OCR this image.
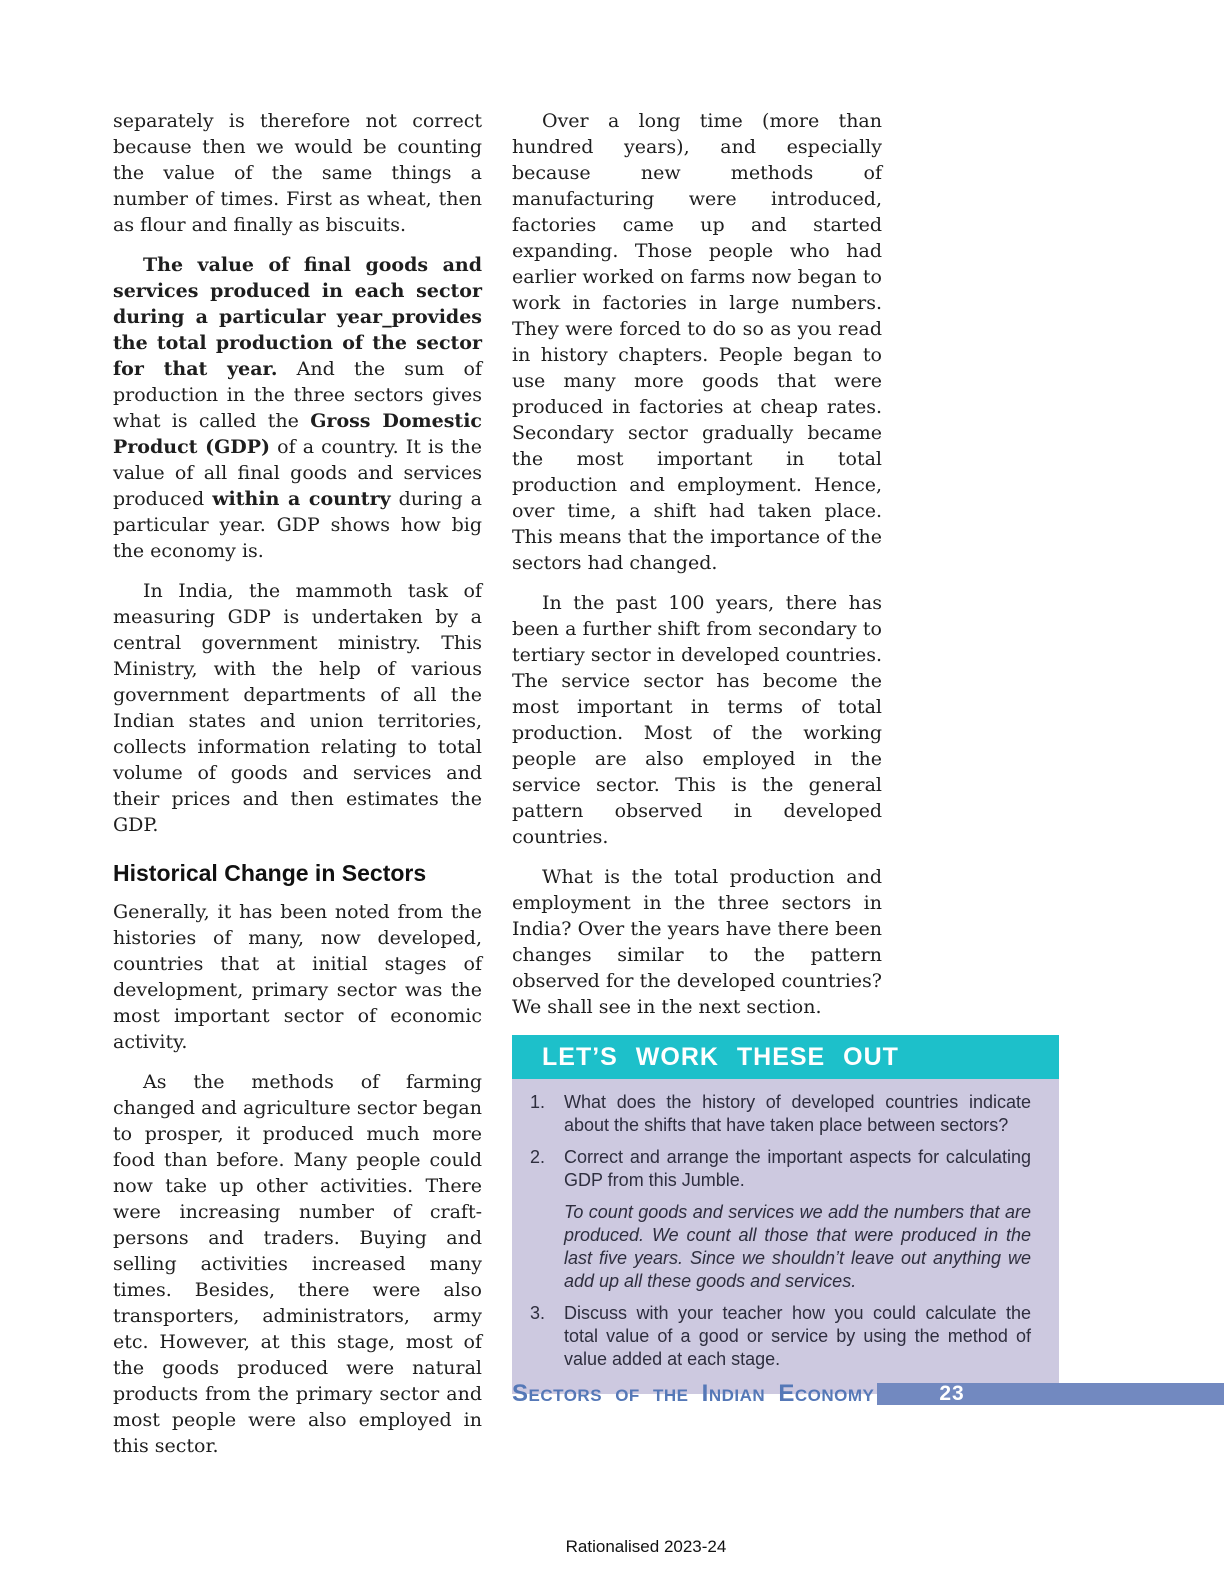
separately is therefore not correct because then we would be counting the value of the same things a number of times. First as wheat, then as flour and finally as biscuits.

The value of final goods and services produced in each sector during a particular year_provides the total production of the sector for that year. And the sum of production in the three sectors gives what is called the Gross Domestic Product (GDP) of a country. It is the value of all final goods and services produced within a country during a particular year. GDP shows how big the economy is.

In India, the mammoth task of measuring GDP is undertaken by a central government ministry. This Ministry, with the help of various government departments of all the Indian states and union territories, collects information relating to total volume of goods and services and their prices and then estimates the GDP.

Historical Change in Sectors

Generally, it has been noted from the histories of many, now developed, countries that at initial stages of development, primary sector was the most important sector of economic activity.

As the methods of farming changed and agriculture sector began to prosper, it produced much more food than before. Many people could now take up other activities. There were increasing number of craft-persons and traders. Buying and selling activities increased many times. Besides, there were also transporters, administrators, army etc. However, at this stage, most of the goods produced were natural products from the primary sector and most people were also employed in this sector.

Over a long time (more than hundred years), and especially because new methods of manufacturing were introduced, factories came up and started expanding. Those people who had earlier worked on farms now began to work in factories in large numbers. They were forced to do so as you read in history chapters. People began to use many more goods that were produced in factories at cheap rates. Secondary sector gradually became the most important in total production and employment. Hence, over time, a shift had taken place. This means that the importance of the sectors had changed.

In the past 100 years, there has been a further shift from secondary to tertiary sector in developed countries. The service sector has become the most important in terms of total production. Most of the working people are also employed in the service sector. This is the general pattern observed in developed countries.

What is the total production and employment in the three sectors in India? Over the years have there been changes similar to the pattern observed for the developed countries? We shall see in the next section.

LET’S WORK THESE OUT
1.	What does the history of developed countries indicate about the shifts that have taken place between sectors?
2.	Correct and arrange the important aspects for calculating GDP from this Jumble.
To count goods and services we add the numbers that are produced. We count all those that were produced in the last five years. Since we shouldn’t leave out anything we add up all these goods and services.
3.	Discuss with your teacher how you could calculate the total value of a good or service by using the method of value added at each stage.
Sectors of the Indian Economy	23
Rationalised 2023-24
